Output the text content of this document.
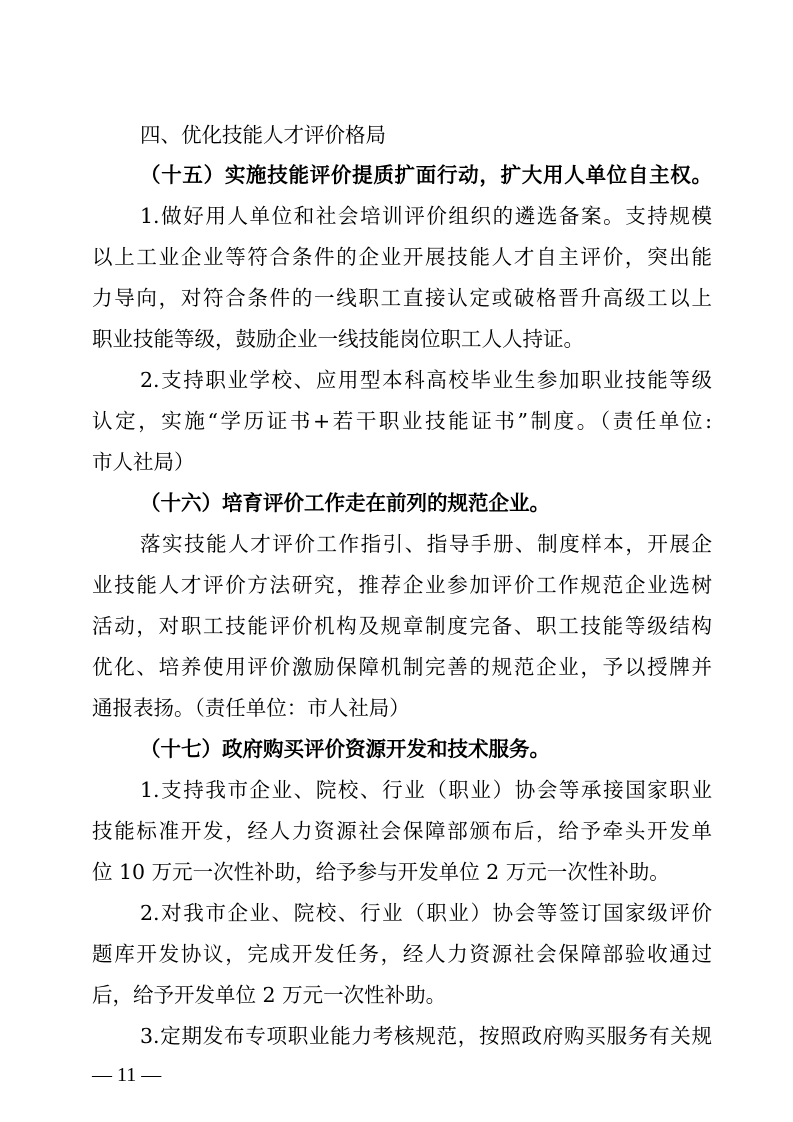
四、优化技能人才评价格局
（十五）实施技能评价提质扩面行动，扩大用人单位自主权。
1.做好用人单位和社会培训评价组织的遴选备案。支持规模
以上工业企业等符合条件的企业开展技能人才自主评价，突出能
力导向，对符合条件的一线职工直接认定或破格晋升高级工以上
职业技能等级，鼓励企业一线技能岗位职工人人持证。
2.支持职业学校、应用型本科高校毕业生参加职业技能等级
认定，实施“学历证书+若干职业技能证书”制度。（责任单位:
市人社局）
（十六）培育评价工作走在前列的规范企业。
落实技能人才评价工作指引、指导手册、制度样本，开展企
业技能人才评价方法研究，推荐企业参加评价工作规范企业选树
活动，对职工技能评价机构及规章制度完备、职工技能等级结构
优化、培养使用评价激励保障机制完善的规范企业，予以授牌并
通报表扬。（责任单位：市人社局）
（十七）政府购买评价资源开发和技术服务。
1.支持我市企业、院校、行业（职业）协会等承接国家职业
技能标准开发，经人力资源社会保障部颁布后，给予牵头开发单
位 10 万元一次性补助，给予参与开发单位 2 万元一次性补助。
2.对我市企业、院校、行业（职业）协会等签订国家级评价
题库开发协议，完成开发任务，经人力资源社会保障部验收通过
后，给予开发单位 2 万元一次性补助。
3.定期发布专项职业能力考核规范，按照政府购买服务有关规
— 11 —
